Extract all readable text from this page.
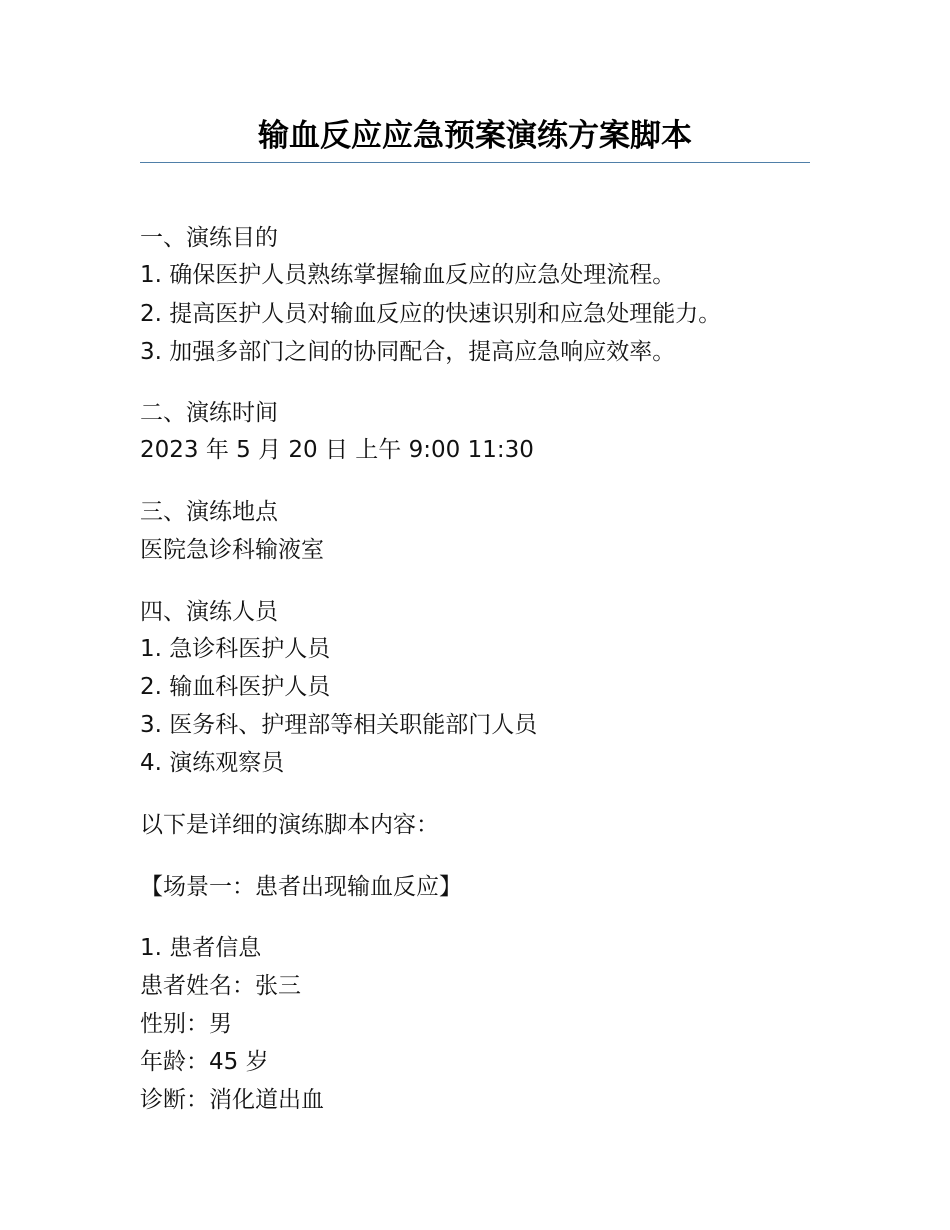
输血反应应急预案演练方案脚本
一、演练目的
1. 确保医护人员熟练掌握输血反应的应急处理流程。
2. 提高医护人员对输血反应的快速识别和应急处理能力。
3. 加强多部门之间的协同配合，提高应急响应效率。
二、演练时间
2023 年 5 月 20 日 上午 9:00 11:30
三、演练地点
医院急诊科输液室
四、演练人员
1. 急诊科医护人员
2. 输血科医护人员
3. 医务科、护理部等相关职能部门人员
4. 演练观察员
以下是详细的演练脚本内容：
【场景一：患者出现输血反应】
1. 患者信息
患者姓名：张三
性别：男
年龄：45 岁
诊断：消化道出血
